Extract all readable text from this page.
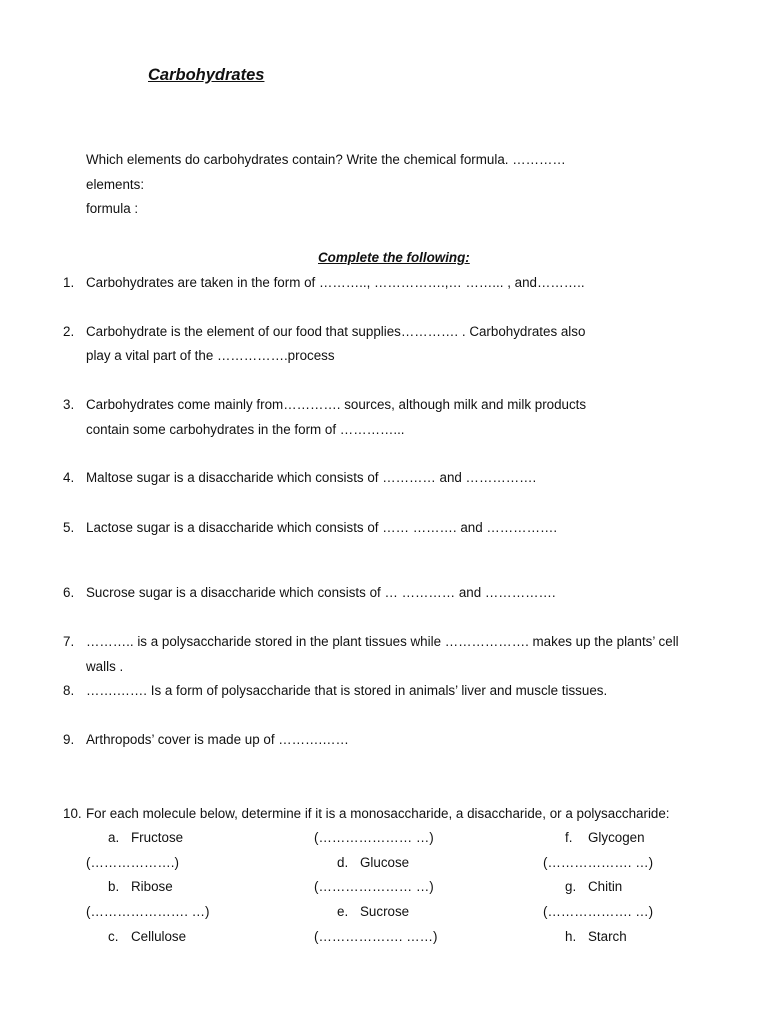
Carbohydrates
Which elements do carbohydrates contain? Write the chemical formula. …………
elements:
formula :
Complete the following:
1. Carbohydrates are taken in the form of ……….., …………….,… ……... , and………..
2. Carbohydrate is the element of our food that supplies…………. . Carbohydrates also
play a vital part of the …………….process
3. Carbohydrates come mainly from…………. sources, although milk and milk products
contain some carbohydrates in the form of …………...
4. Maltose sugar is a disaccharide which consists of ………… and …………….
5. Lactose sugar is a disaccharide which consists of …… ………. and …………….
6. Sucrose sugar is a disaccharide which consists of … ………… and …………….
7. ……….. is a polysaccharide stored in the plant tissues while ………………. makes up the plants’ cell
walls .
8. …….……. Is a form of polysaccharide that is stored in animals’ liver and muscle tissues.
9. Arthropods’ cover is made up of ……….……
10. For each molecule below, determine if it is a monosaccharide, a disaccharide, or a polysaccharide:
a. Fructose	(………………… …)	f. Glycogen
(……………….)	d. Glucose	(………………. …)
b. Ribose	(………………… …)	g. Chitin
(…………………. …)	e. Sucrose	(………………. …)
c. Cellulose	(………………. ……)	h. Starch
